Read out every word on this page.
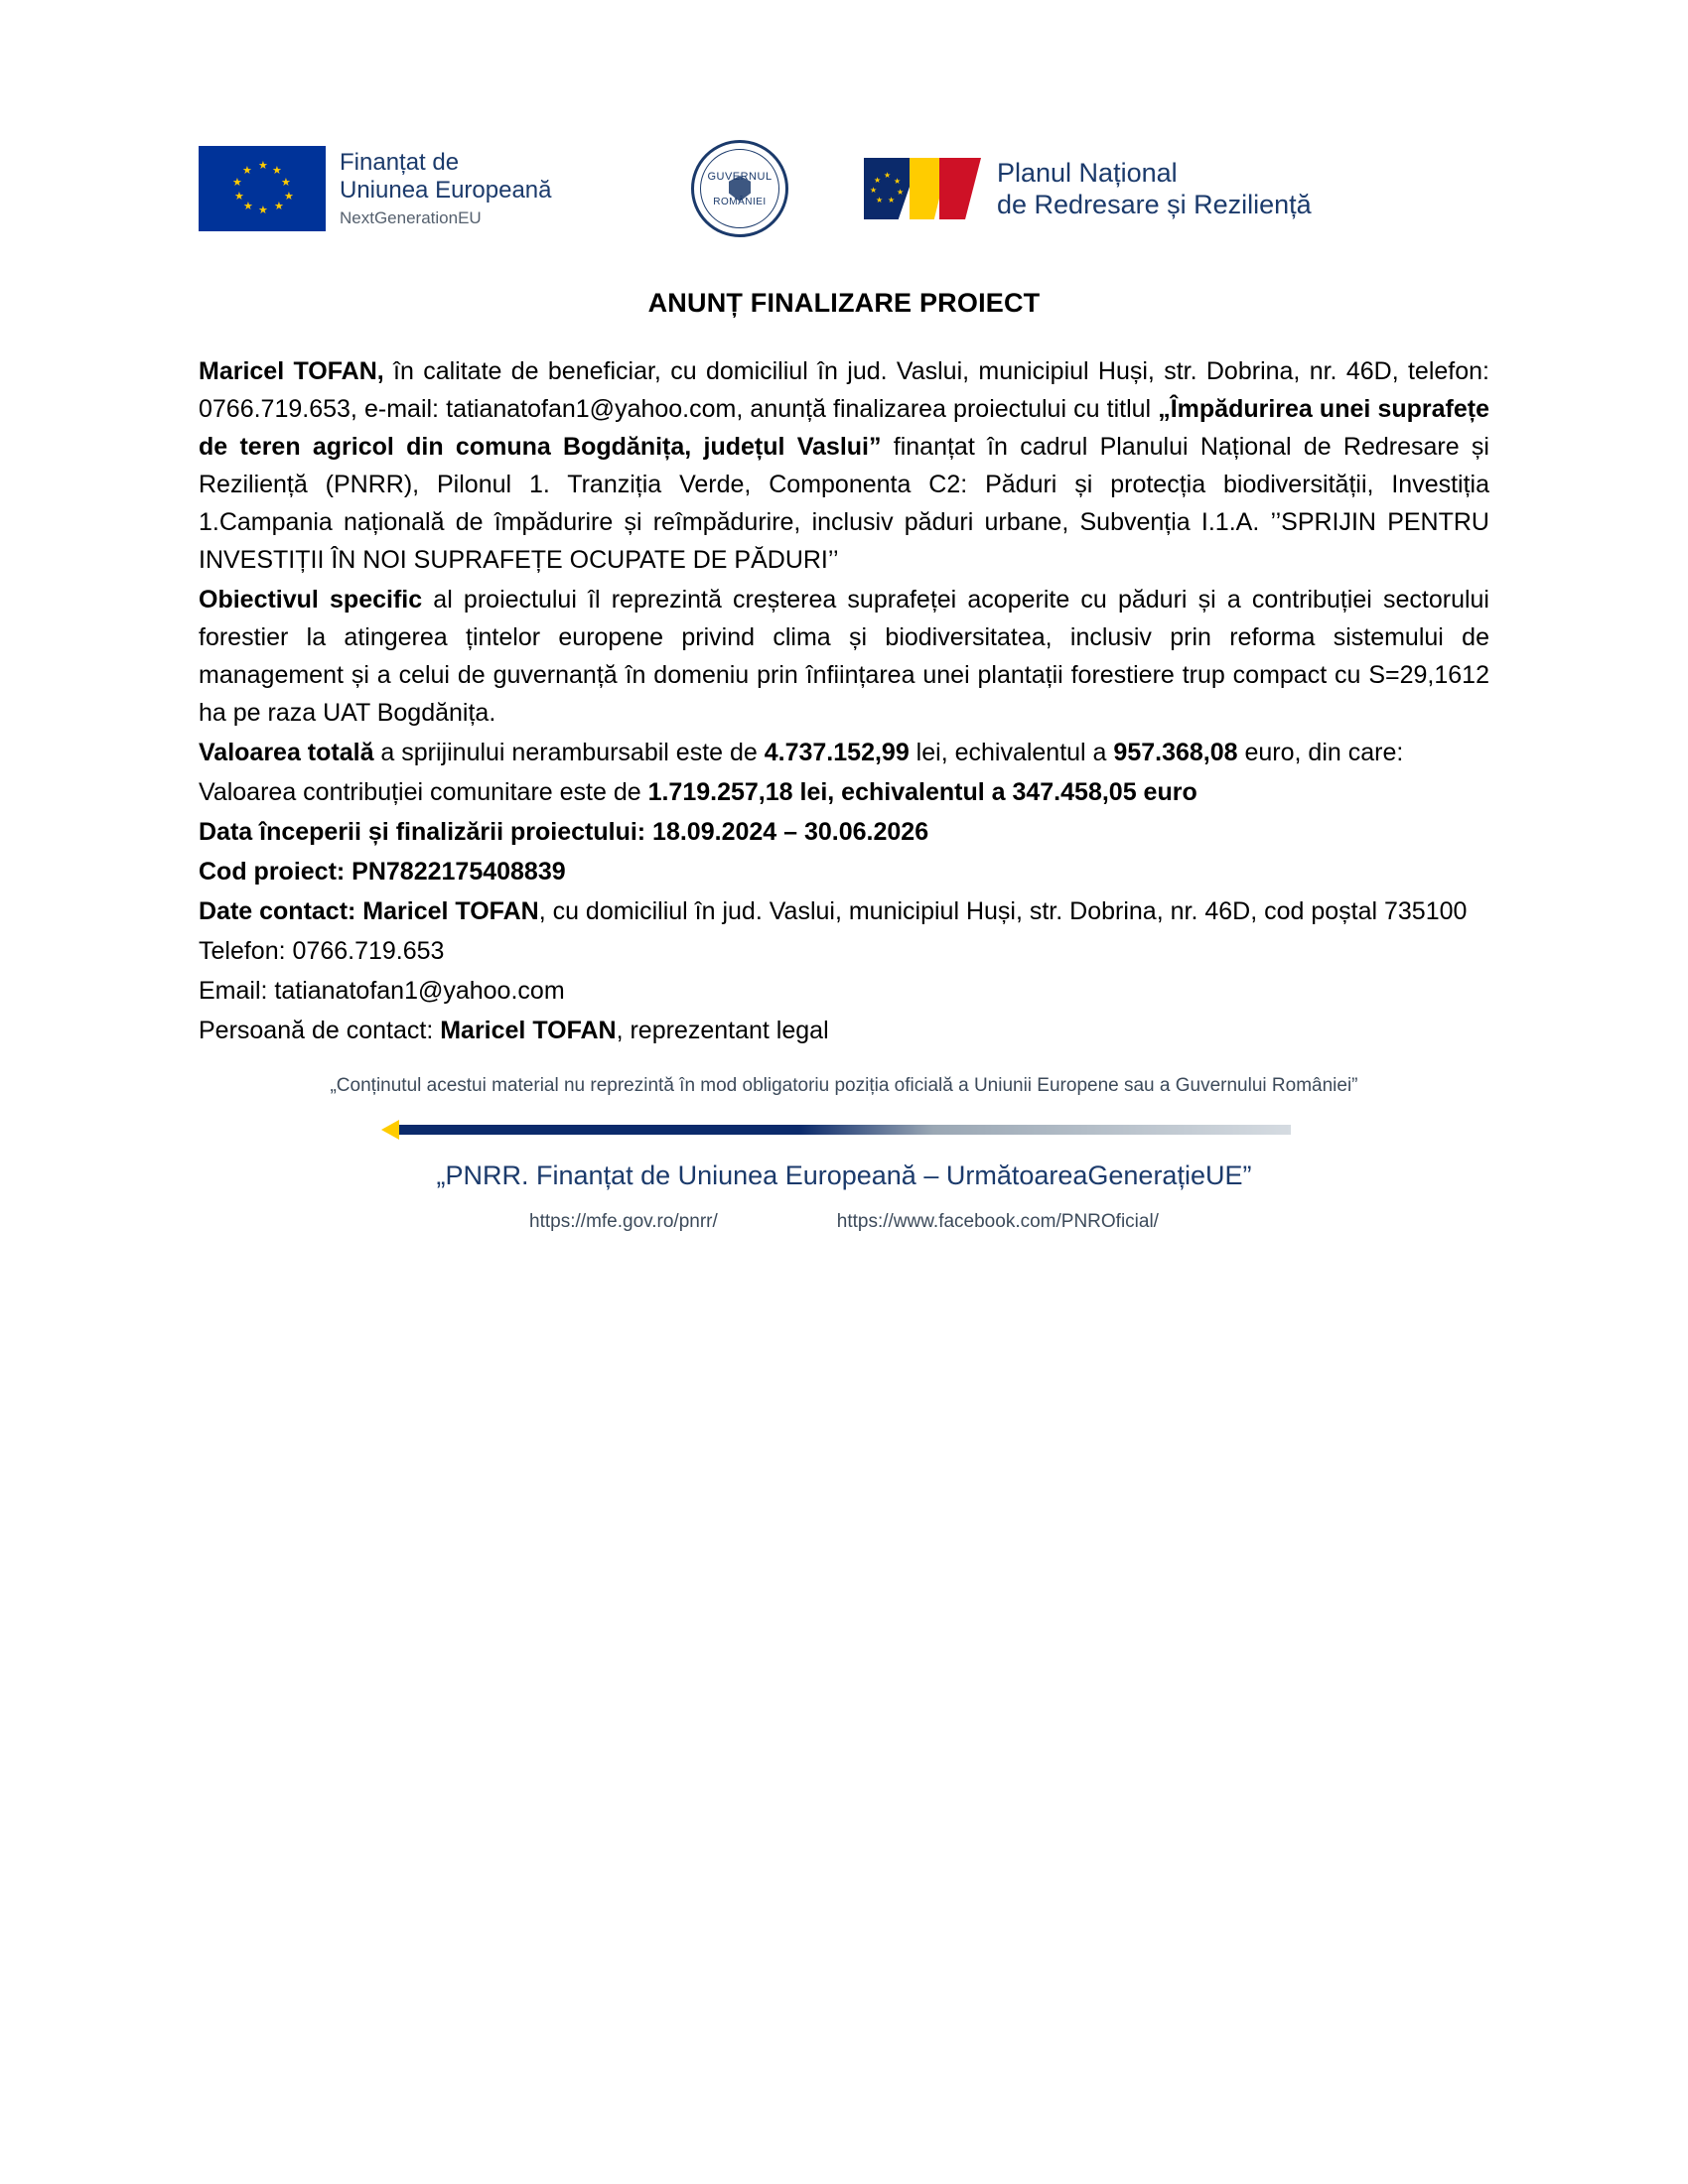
★ ★
★
★
★
★
★
★
★
★	Finanțat de
Uniunea Europeană
NextGenerationEU
GUVERNUL
ROMÂNIEI
★
★
★
★
★
★
★	Planul Național
de Redresare și Reziliență
ANUNȚ FINALIZARE PROIECT

Maricel TOFAN, în calitate de beneficiar, cu domiciliul în jud. Vaslui, municipiul Huși, str. Dobrina, nr. 46D, telefon: 0766.719.653, e-mail: tatianatofan1@yahoo.com, anunță finalizarea proiectului cu titlul „Împădurirea unei suprafețe de teren agricol din comuna Bogdănița, județul Vaslui” finanțat în cadrul Planului Național de Redresare și Reziliență (PNRR), Pilonul 1. Tranziția Verde, Componenta C2: Păduri și protecția biodiversității, Investiția 1.Campania națională de împădurire și reîmpădurire, inclusiv păduri urbane, Subvenția I.1.A. ’’SPRIJIN PENTRU INVESTIȚII ÎN NOI SUPRAFEȚE OCUPATE DE PĂDURI’’

Obiectivul specific al proiectului îl reprezintă creșterea suprafeței acoperite cu păduri și a contribuției sectorului forestier la atingerea țintelor europene privind clima și biodiversitatea, inclusiv prin reforma sistemului de management și a celui de guvernanță în domeniu prin înființarea unei plantații forestiere trup compact cu S=29,1612 ha pe raza UAT Bogdănița.

Valoarea totală a sprijinului nerambursabil este de 4.737.152,99 lei, echivalentul a 957.368,08 euro, din care:

Valoarea contribuției comunitare este de 1.719.257,18 lei, echivalentul a 347.458,05 euro

Data începerii și finalizării proiectului: 18.09.2024 – 30.06.2026

Cod proiect: PN7822175408839

Date contact: Maricel TOFAN, cu domiciliul în jud. Vaslui, municipiul Huși, str. Dobrina, nr. 46D, cod poștal 735100

Telefon: 0766.719.653

Email: tatianatofan1@yahoo.com

Persoană de contact: Maricel TOFAN, reprezentant legal

„Conținutul acestui material nu reprezintă în mod obligatoriu poziția oficială a Uniunii Europene sau a Guvernului României”

„PNRR. Finanțat de Uniunea Europeană – UrmătoareaGenerațieUE”

https://mfe.gov.ro/pnrr/	https://www.facebook.com/PNROficial/
